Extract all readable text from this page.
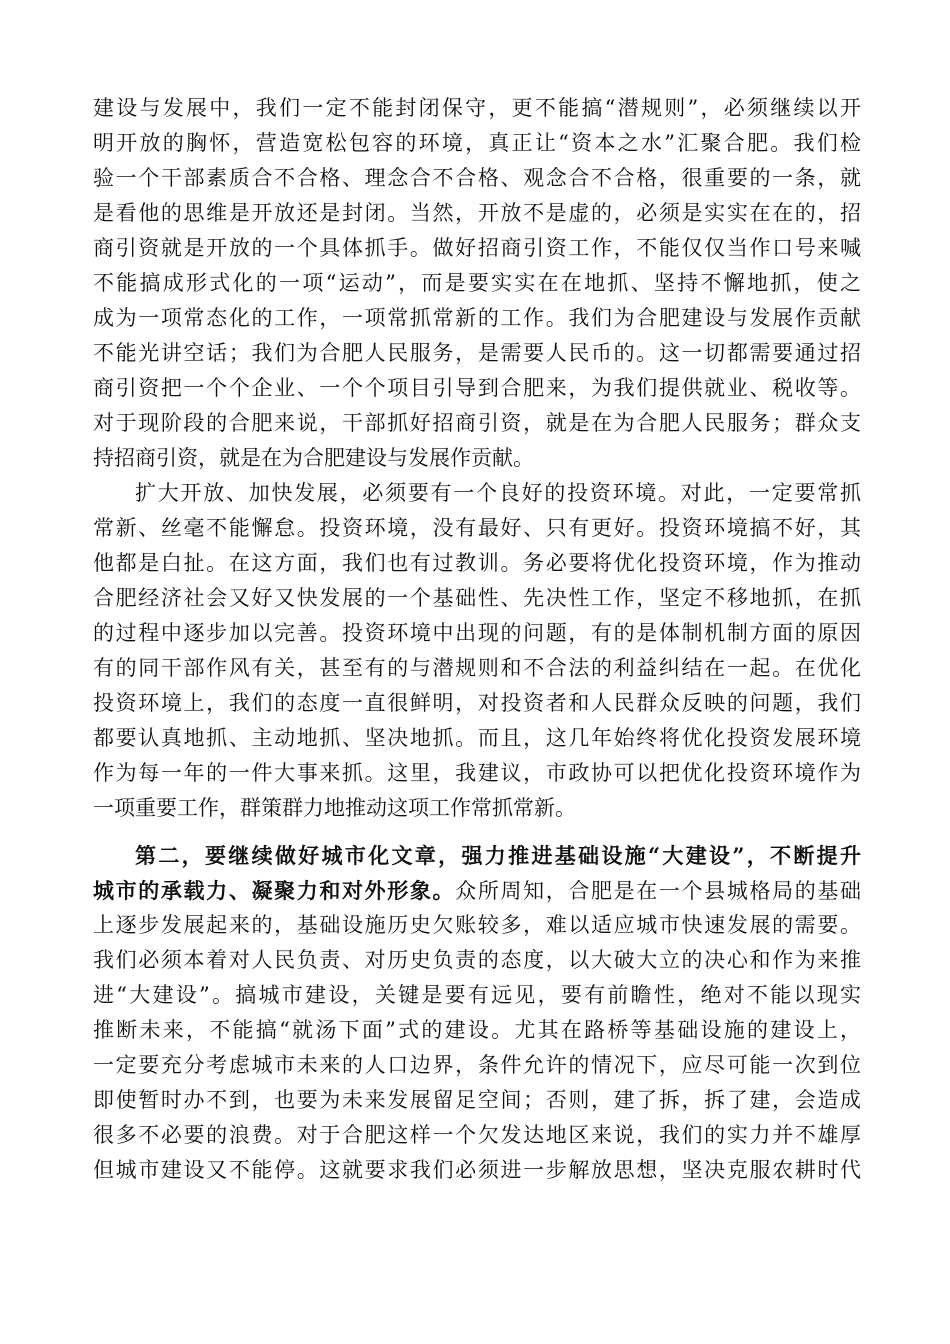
建设与发展中，我们一定不能封闭保守，更不能搞“潜规则”，必须继续以开
明开放的胸怀，营造宽松包容的环境，真正让“资本之水”汇聚合肥。我们检
验一个干部素质合不合格、理念合不合格、观念合不合格，很重要的一条，就
是看他的思维是开放还是封闭。当然，开放不是虚的，必须是实实在在的，招
商引资就是开放的一个具体抓手。做好招商引资工作，不能仅仅当作口号来喊
不能搞成形式化的一项“运动”，而是要实实在在地抓、坚持不懈地抓，使之
成为一项常态化的工作，一项常抓常新的工作。我们为合肥建设与发展作贡献
不能光讲空话；我们为合肥人民服务，是需要人民币的。这一切都需要通过招
商引资把一个个企业、一个个项目引导到合肥来，为我们提供就业、税收等。
对于现阶段的合肥来说，干部抓好招商引资，就是在为合肥人民服务；群众支
持招商引资，就是在为合肥建设与发展作贡献。
扩大开放、加快发展，必须要有一个良好的投资环境。对此，一定要常抓
常新、丝毫不能懈怠。投资环境，没有最好、只有更好。投资环境搞不好，其
他都是白扯。在这方面，我们也有过教训。务必要将优化投资环境，作为推动
合肥经济社会又好又快发展的一个基础性、先决性工作，坚定不移地抓，在抓
的过程中逐步加以完善。投资环境中出现的问题，有的是体制机制方面的原因
有的同干部作风有关，甚至有的与潜规则和不合法的利益纠结在一起。在优化
投资环境上，我们的态度一直很鲜明，对投资者和人民群众反映的问题，我们
都要认真地抓、主动地抓、坚决地抓。而且，这几年始终将优化投资发展环境
作为每一年的一件大事来抓。这里，我建议，市政协可以把优化投资环境作为
一项重要工作，群策群力地推动这项工作常抓常新。
第二，要继续做好城市化文章，强力推进基础设施“大建设”，不断提升
城市的承载力、凝聚力和对外形象。众所周知，合肥是在一个县城格局的基础
上逐步发展起来的，基础设施历史欠账较多，难以适应城市快速发展的需要。
我们必须本着对人民负责、对历史负责的态度，以大破大立的决心和作为来推
进“大建设”。搞城市建设，关键是要有远见，要有前瞻性，绝对不能以现实
推断未来，不能搞“就汤下面”式的建设。尤其在路桥等基础设施的建设上，
一定要充分考虑城市未来的人口边界，条件允许的情况下，应尽可能一次到位
即使暂时办不到，也要为未来发展留足空间；否则，建了拆，拆了建，会造成
很多不必要的浪费。对于合肥这样一个欠发达地区来说，我们的实力并不雄厚
但城市建设又不能停。这就要求我们必须进一步解放思想，坚决克服农耕时代
